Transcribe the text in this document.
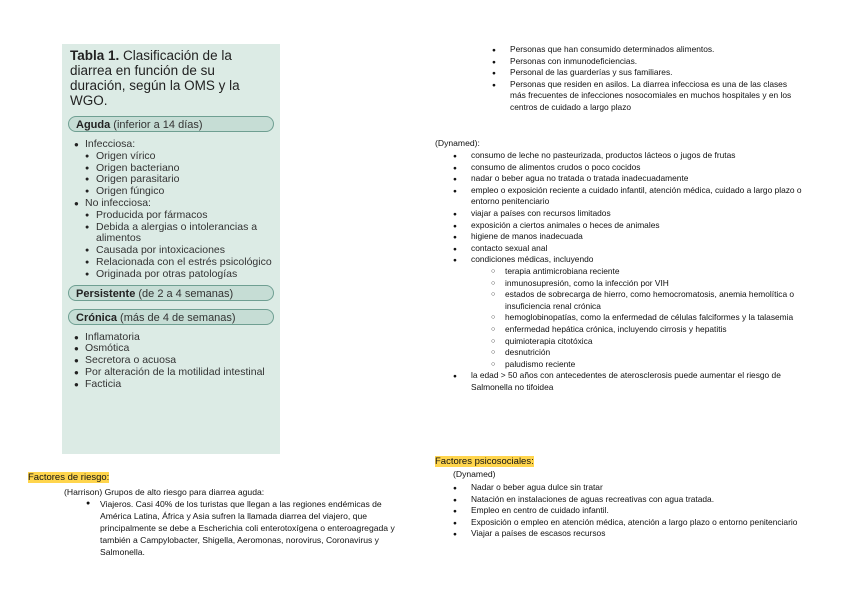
Tabla 1. Clasificación de la diarrea en función de su duración, según la OMS y la WGO.
Aguda (inferior a 14 días)
● Infecciosa:
● Origen vírico
● Origen bacteriano
● Origen parasitario
● Origen fúngico
● No infecciosa:
● Producida por fármacos
● Debida a alergias o intolerancias a alimentos
● Causada por intoxicaciones
● Relacionada con el estrés psicológico
● Originada por otras patologías
Persistente (de 2 a 4 semanas)
Crónica (más de 4 de semanas)
● Inflamatoria
● Osmótica
● Secretora o acuosa
● Por alteración de la motilidad intestinal
● Facticia
Factores de riesgo:
(Harrison) Grupos de alto riesgo para diarrea aguda:
● Viajeros. Casi 40% de los turistas que llegan a las regiones endémicas de América Latina, África y Asia sufren la llamada diarrea del viajero, que principalmente se debe a Escherichia coli enterotoxígena o enteroagregada y también a Campylobacter, Shigella, Aeromonas, norovirus, Coronavirus y Salmonella.
● Personas que han consumido determinados alimentos.
● Personas con inmunodeficiencias.
● Personal de las guarderías y sus familiares.
● Personas que residen en asilos. La diarrea infecciosa es una de las clases más frecuentes de infecciones nosocomiales en muchos hospitales y en los centros de cuidado a largo plazo
(Dynamed):
● consumo de leche no pasteurizada, productos lácteos o jugos de frutas
● consumo de alimentos crudos o poco cocidos
● nadar o beber agua no tratada o tratada inadecuadamente
● empleo o exposición reciente a cuidado infantil, atención médica, cuidado a largo plazo o entorno penitenciario
● viajar a países con recursos limitados
● exposición a ciertos animales o heces de animales
● higiene de manos inadecuada
● contacto sexual anal
● condiciones médicas, incluyendo
○ terapia antimicrobiana reciente
○ inmunosupresión, como la infección por VIH
○ estados de sobrecarga de hierro, como hemocromatosis, anemia hemolítica o insuficiencia renal crónica
○ hemoglobinopatías, como la enfermedad de células falciformes y la talasemia
○ enfermedad hepática crónica, incluyendo cirrosis y hepatitis
○ quimioterapia citotóxica
○ desnutrición
○ paludismo reciente
● la edad > 50 años con antecedentes de aterosclerosis puede aumentar el riesgo de Salmonella no tifoidea
Factores psicosociales:
(Dynamed)
● Nadar o beber agua dulce sin tratar
● Natación en instalaciones de aguas recreativas con agua tratada.
● Empleo en centro de cuidado infantil.
● Exposición o empleo en atención médica, atención a largo plazo o entorno penitenciario
● Viajar a países de escasos recursos
